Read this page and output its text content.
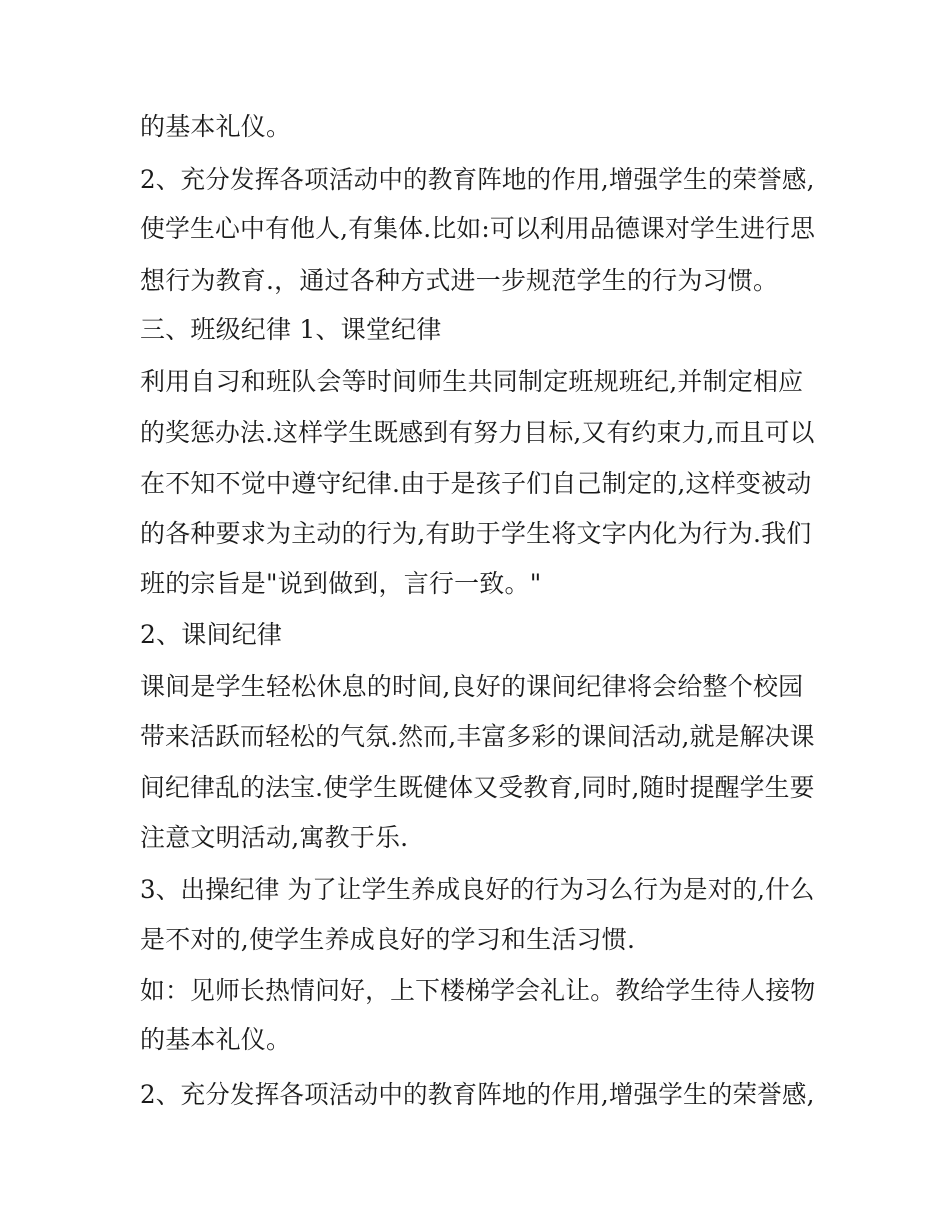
的基本礼仪。
2、充分发挥各项活动中的教育阵地的作用,增强学生的荣誉感,
使学生心中有他人,有集体.比如:可以利用品德课对学生进行思
想行为教育.，通过各种方式进一步规范学生的行为习惯。
三、班级纪律 1、课堂纪律
利用自习和班队会等时间师生共同制定班规班纪,并制定相应
的奖惩办法.这样学生既感到有努力目标,又有约束力,而且可以
在不知不觉中遵守纪律.由于是孩子们自己制定的,这样变被动
的各种要求为主动的行为,有助于学生将文字内化为行为.我们
班的宗旨是"说到做到，言行一致。"
2、课间纪律
课间是学生轻松休息的时间,良好的课间纪律将会给整个校园
带来活跃而轻松的气氛.然而,丰富多彩的课间活动,就是解决课
间纪律乱的法宝.使学生既健体又受教育,同时,随时提醒学生要
注意文明活动,寓教于乐.
3、出操纪律 为了让学生养成良好的行为习么行为是对的,什么
是不对的,使学生养成良好的学习和生活习惯.
如：见师长热情问好，上下楼梯学会礼让。教给学生待人接物
的基本礼仪。
2、充分发挥各项活动中的教育阵地的作用,增强学生的荣誉感,
